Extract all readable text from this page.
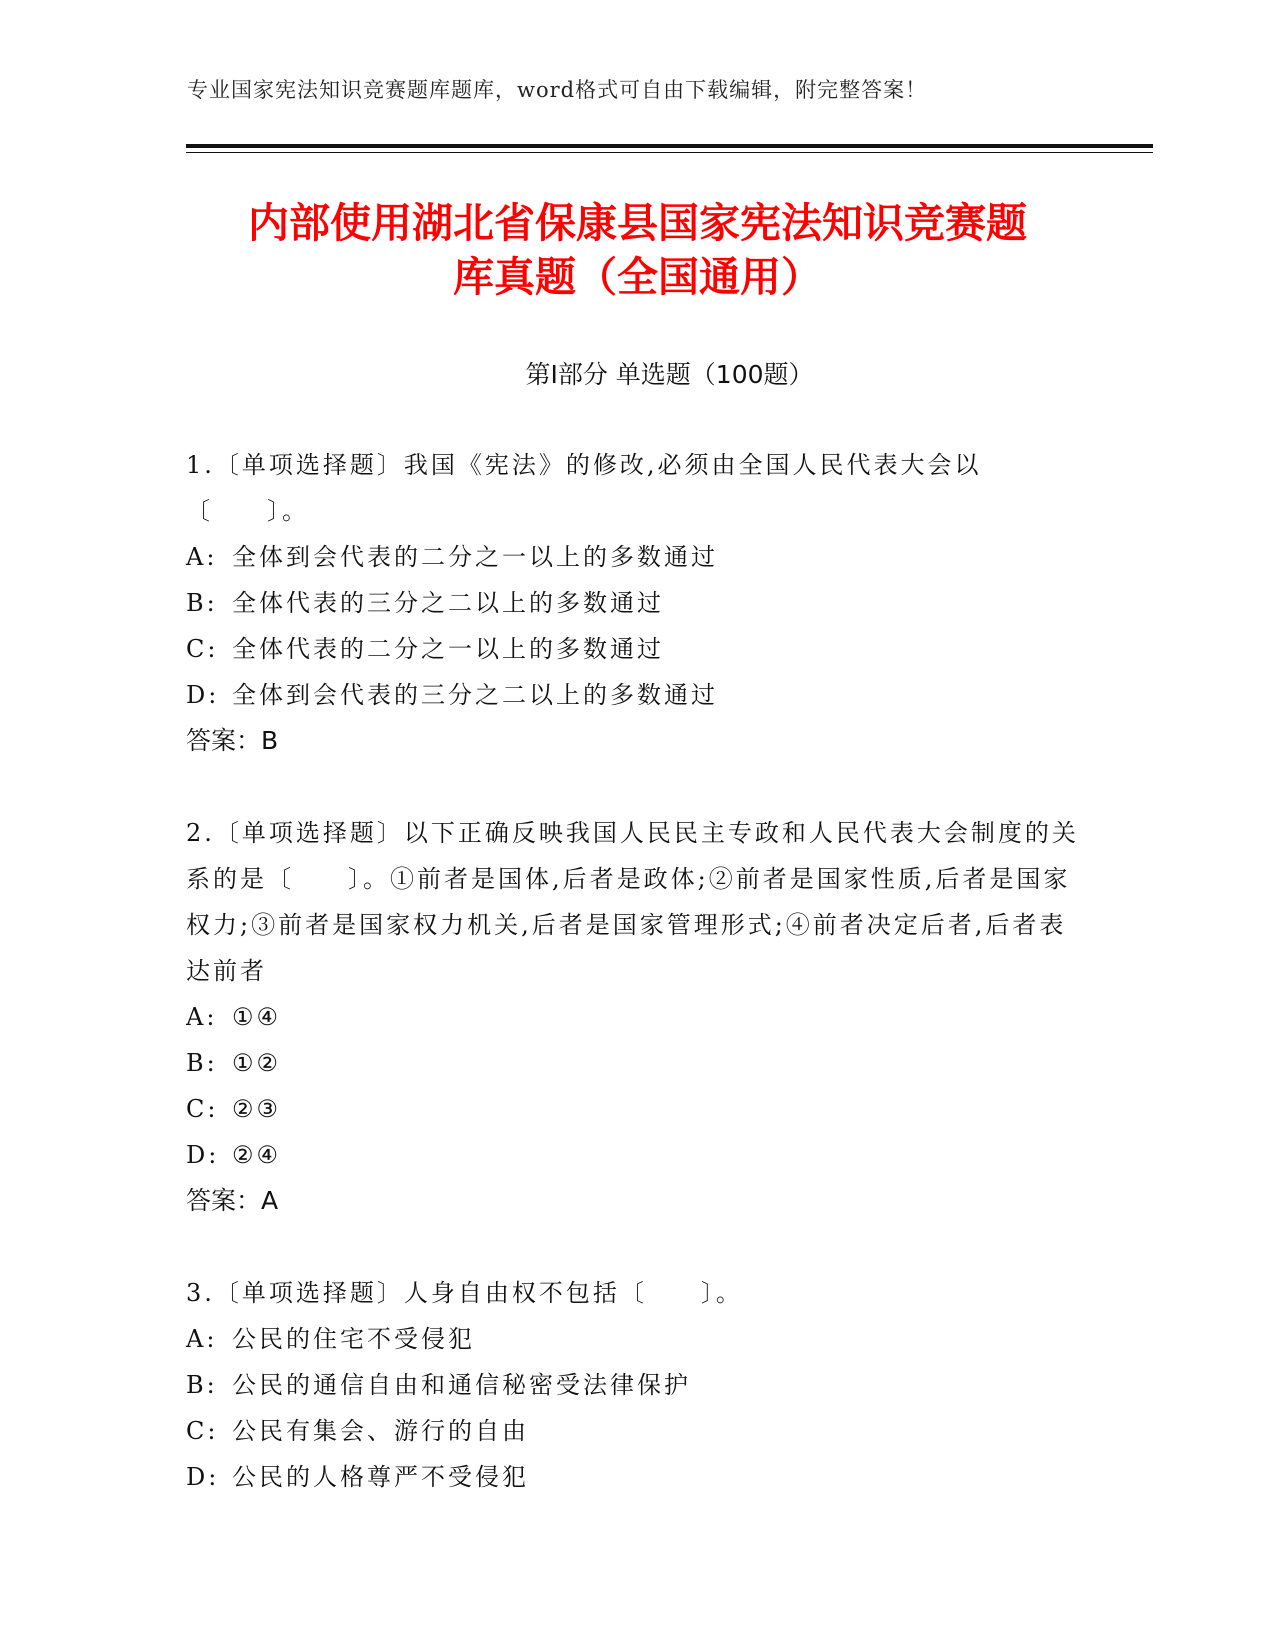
专业国家宪法知识竞赛题库题库，word格式可自由下载编辑，附完整答案！
内部使用湖北省保康县国家宪法知识竞赛题
库真题（全国通用）
第Ⅰ部分 单选题（100题）

1.〔单项选择题〕我国《宪法》的修改,必须由全国人民代表大会以〔　　〕。

A: 全体到会代表的二分之一以上的多数通过
B: 全体代表的三分之二以上的多数通过
C: 全体代表的二分之一以上的多数通过
D: 全体到会代表的三分之二以上的多数通过
答案：B

2.〔单项选择题〕以下正确反映我国人民民主专政和人民代表大会制度的关系的是〔　　〕。①前者是国体,后者是政体;②前者是国家性质,后者是国家权力;③前者是国家权力机关,后者是国家管理形式;④前者决定后者,后者表达前者

A: ①④
B: ①②
C: ②③
D: ②④
答案：A

3.〔单项选择题〕人身自由权不包括〔　　〕。

A: 公民的住宅不受侵犯
B: 公民的通信自由和通信秘密受法律保护
C: 公民有集会、游行的自由
D: 公民的人格尊严不受侵犯
